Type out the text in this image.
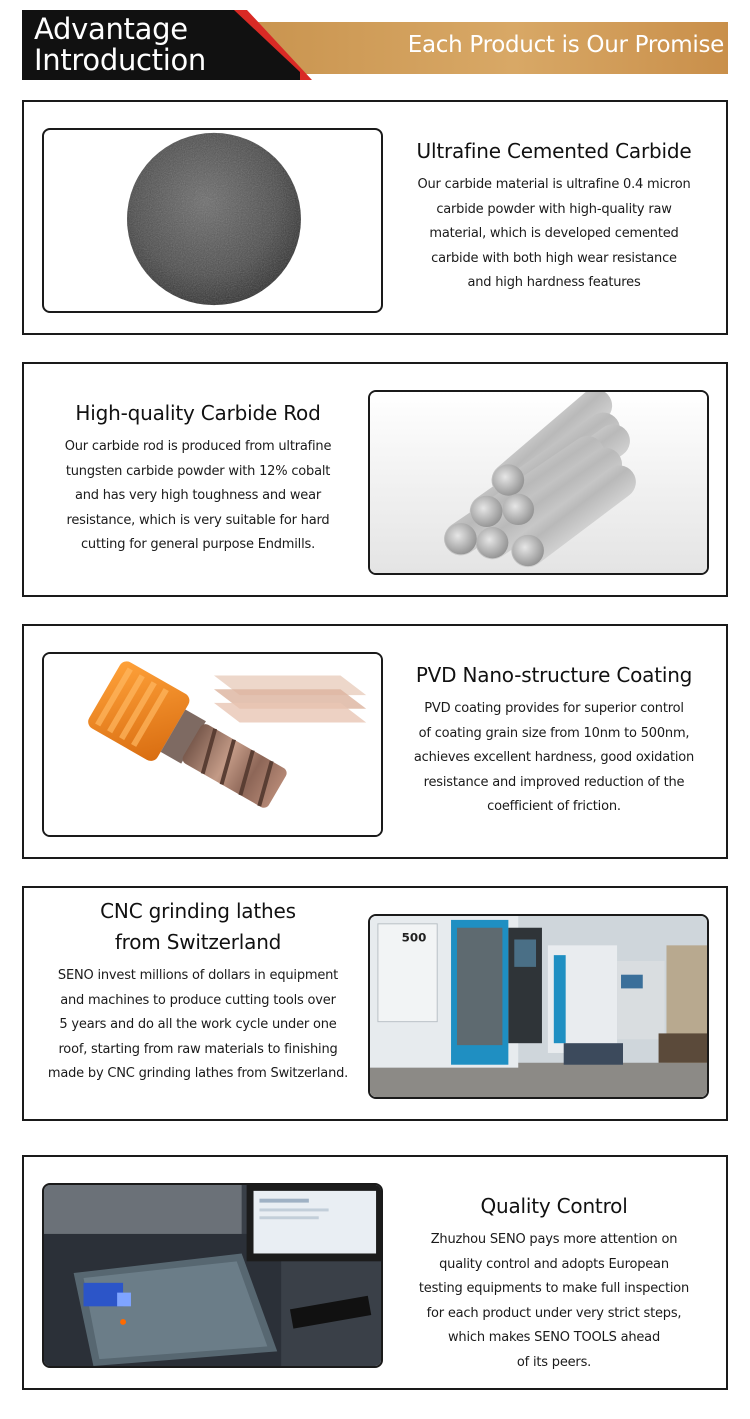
Advantage
Introduction	Each Product is Our Promise
Ultrafine Cemented Carbide
Our carbide material is ultrafine 0.4 micron
carbide powder with high-quality raw
material, which is developed cemented
carbide with both high wear resistance
and high hardness features
High-quality Carbide Rod
Our carbide rod is produced from ultrafine
tungsten carbide powder with 12% cobalt
and has very high toughness and wear
resistance, which is very suitable for hard
cutting for general purpose Endmills.
PVD Nano-structure Coating
PVD coating provides for superior control
of coating grain size from 10nm to 500nm,
achieves excellent hardness, good oxidation
resistance and improved reduction of the
coefficient of friction.
CNC grinding lathes
from Switzerland
SENO invest millions of dollars in equipment
and machines to produce cutting tools over
5 years and do all the work cycle under one
roof, starting from raw materials to finishing
made by CNC grinding lathes from Switzerland.
500
Quality Control
Zhuzhou SENO pays more attention on
quality control and adopts European
testing equipments to make full inspection
for each product under very strict steps,
which makes SENO TOOLS ahead
of its peers.
